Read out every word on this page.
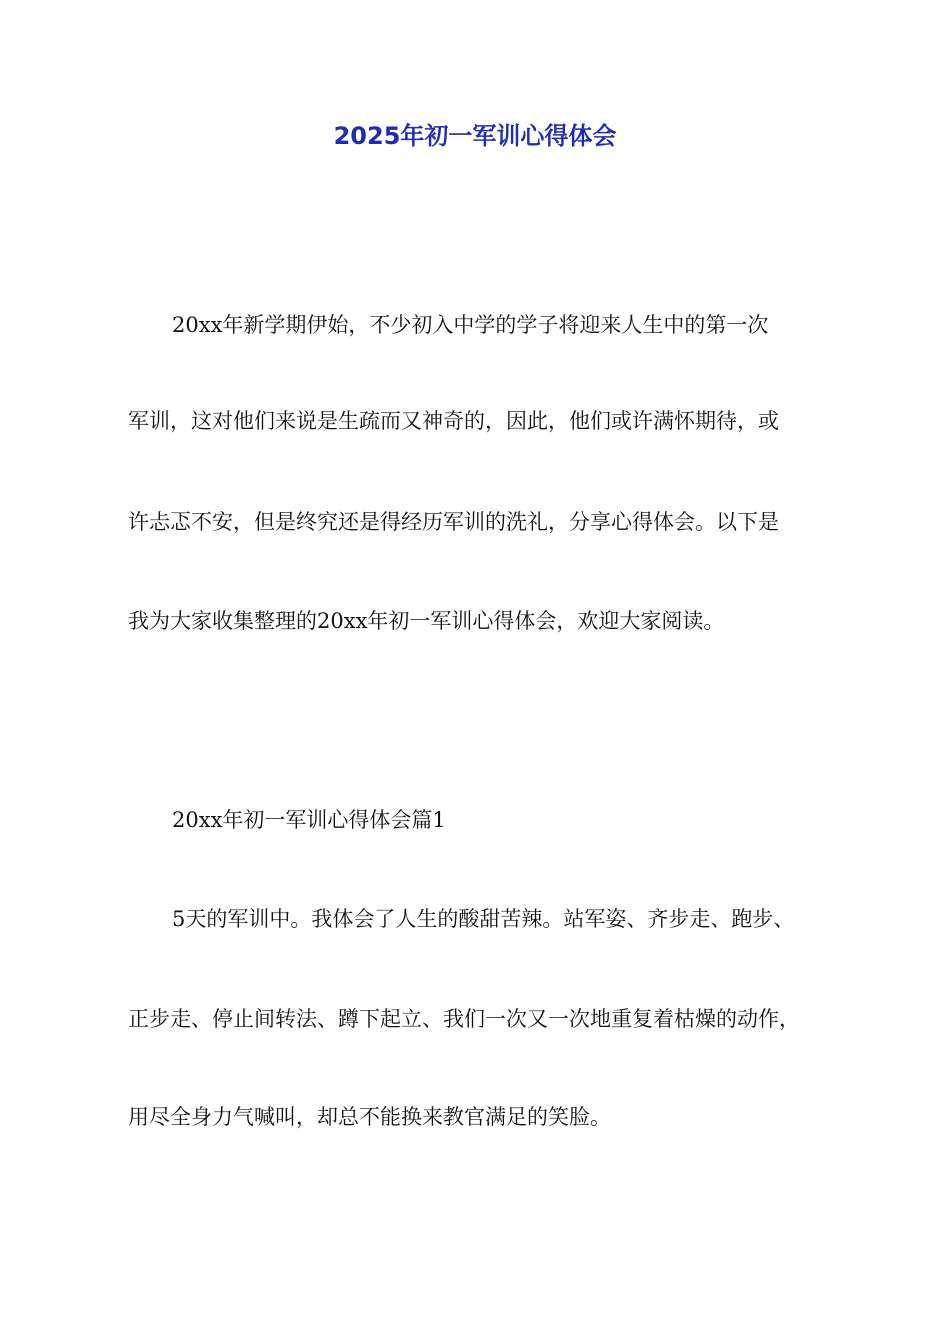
2025年初一军训心得体会

20xx年新学期伊始，不少初入中学的学子将迎来人生中的第一次

军训，这对他们来说是生疏而又神奇的，因此，他们或许满怀期待，或

许忐忑不安，但是终究还是得经历军训的洗礼，分享心得体会。以下是

我为大家收集整理的20xx年初一军训心得体会，欢迎大家阅读。

20xx年初一军训心得体会篇1

5天的军训中。我体会了人生的酸甜苦辣。站军姿、齐步走、跑步、

正步走、停止间转法、蹲下起立、我们一次又一次地重复着枯燥的动作，

用尽全身力气喊叫，却总不能换来教官满足的笑脸。
